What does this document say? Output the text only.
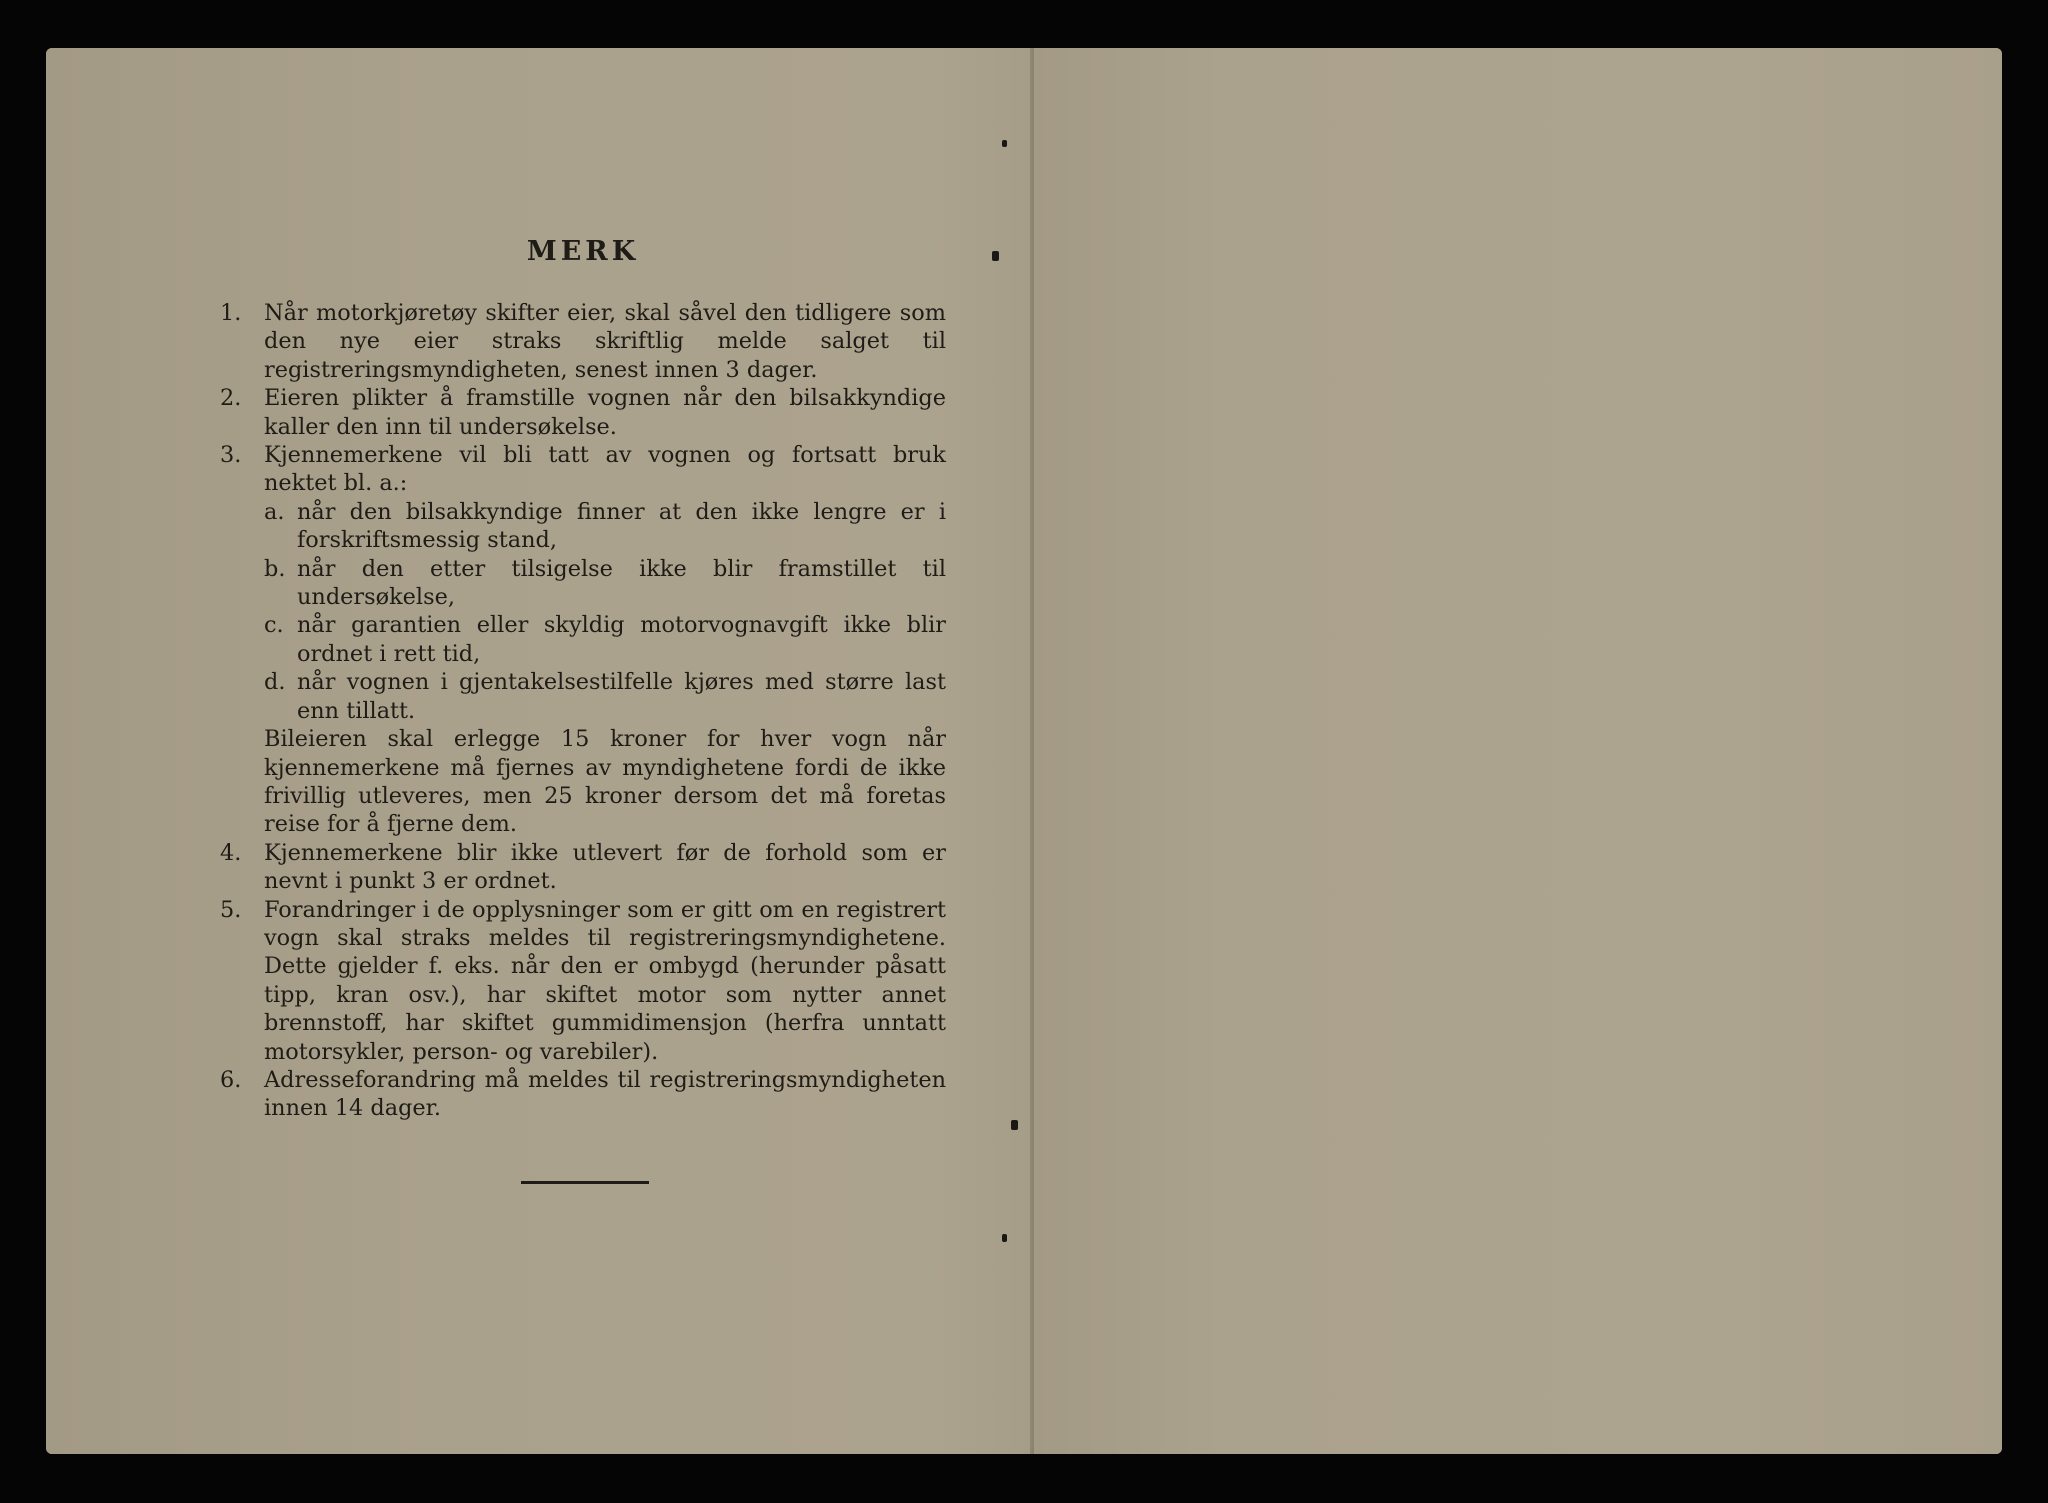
MERK
1. Når motorkjøretøy skifter eier, skal såvel den tidligere som den nye eier straks skriftlig melde salget til registreringsmyndigheten, senest innen 3 dager.
2. Eieren plikter å framstille vognen når den bilsakkyndige kaller den inn til undersøkelse.
3. Kjennemerkene vil bli tatt av vognen og fortsatt bruk nektet bl. a.:
a. når den bilsakkyndige finner at den ikke lengre er i forskriftsmessig stand,
b. når den etter tilsigelse ikke blir framstillet til undersøkelse,
c. når garantien eller skyldig motorvognavgift ikke blir ordnet i rett tid,
d. når vognen i gjentakelsestilfelle kjøres med større last enn tillatt.
Bileieren skal erlegge 15 kroner for hver vogn når kjennemerkene må fjernes av myndighetene fordi de ikke frivillig utleveres, men 25 kroner dersom det må foretas reise for å fjerne dem.
4. Kjennemerkene blir ikke utlevert før de forhold som er nevnt i punkt 3 er ordnet.
5. Forandringer i de opplysninger som er gitt om en registrert vogn skal straks meldes til registreringsmyndighetene. Dette gjelder f. eks. når den er ombygd (herunder påsatt tipp, kran osv.), har skiftet motor som nytter annet brennstoff, har skiftet gummidimensjon (herfra unntatt motorsykler, person- og varebiler).
6. Adresseforandring må meldes til registreringsmyndigheten innen 14 dager.
